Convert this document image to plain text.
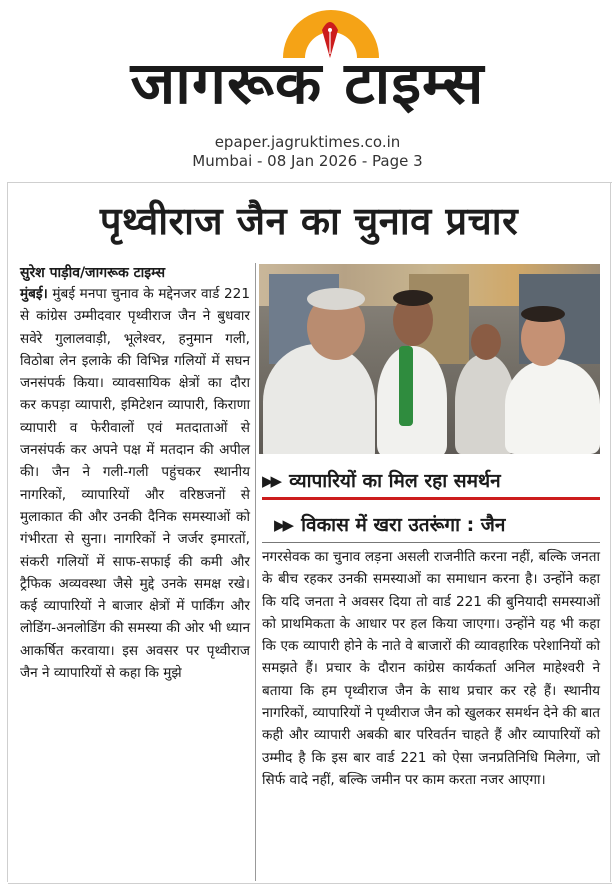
जागरूक टाइम्स
epaper.jagruktimes.co.in
Mumbai - 08 Jan 2026 - Page 3
पृथ्वीराज जैन का चुनाव प्रचार
सुरेश पाड़ीव/जागरूक टाइम्स
मुंबई। मुंबई मनपा चुनाव के मद्देनजर वार्ड 221 से कांग्रेस उम्मीदवार पृथ्वीराज जैन ने बुधवार सवेरे गुलालवाड़ी, भूलेश्वर, हनुमान गली, विठोबा लेन इलाके की विभिन्न गलियों में सघन जनसंपर्क किया। व्यावसायिक क्षेत्रों का दौरा कर कपड़ा व्यापारी, इमिटेशन व्यापारी, किराणा व्यापारी व फेरीवालों एवं मतदाताओं से जनसंपर्क कर अपने पक्ष में मतदान की अपील की। जैन ने गली-गली पहुंचकर स्थानीय नागरिकों, व्यापारियों और वरिष्ठजनों से मुलाकात की और उनकी दैनिक समस्याओं को गंभीरता से सुना। नागरिकों ने जर्जर इमारतों, संकरी गलियों में साफ-सफाई की कमी और ट्रैफिक अव्यवस्था जैसे मुद्दे उनके समक्ष रखे। कई व्यापारियों ने बाजार क्षेत्रों में पार्किंग और लोडिंग-अनलोडिंग की समस्या की ओर भी ध्यान आकर्षित करवाया। इस अवसर पर पृथ्वीराज जैन ने व्यापारियों से कहा कि मुझे
▶▶ व्यापारियों का मिल रहा समर्थन
▶▶ विकास में खरा उतरूंगा : जैन
नगरसेवक का चुनाव लड़ना असली राजनीति करना नहीं, बल्कि जनता के बीच रहकर उनकी समस्याओं का समाधान करना है। उन्होंने कहा कि यदि जनता ने अवसर दिया तो वार्ड 221 की बुनियादी समस्याओं को प्राथमिकता के आधार पर हल किया जाएगा। उन्होंने यह भी कहा कि एक व्यापारी होने के नाते वे बाजारों की व्यावहारिक परेशानियों को समझते हैं। प्रचार के दौरान कांग्रेस कार्यकर्ता अनिल माहेश्वरी ने बताया कि हम पृथ्वीराज जैन के साथ प्रचार कर रहे हैं। स्थानीय नागरिकों, व्यापारियों ने पृथ्वीराज जैन को खुलकर समर्थन देने की बात कही और व्यापारी अबकी बार परिवर्तन चाहते हैं और व्यापारियों को उम्मीद है कि इस बार वार्ड 221 को ऐसा जनप्रतिनिधि मिलेगा, जो सिर्फ वादे नहीं, बल्कि जमीन पर काम करता नजर आएगा।
